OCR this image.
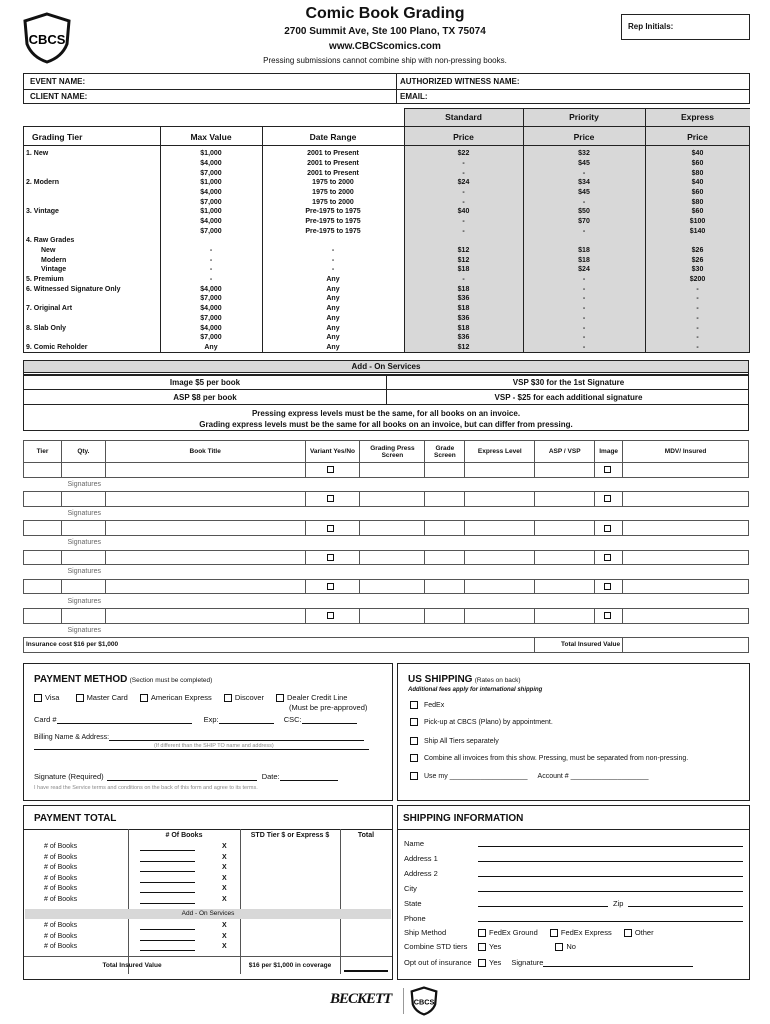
CBCS
Comic Book Grading
2700 Summit Ave, Ste 100 Plano, TX 75074
www.CBCScomics.com
Pressing submissions cannot combine ship with non-pressing books.
Rep Initials:
EVENT NAME:
CLIENT NAME:
AUTHORIZED WITNESS NAME:
EMAIL:
Standard	Priority	Express
Grading Tier	Max Value	Date Range	Price	Price	Price
1. New	$1,000	2001 to Present	$22	$32	$40
	$4,000	2001 to Present	-	$45	$60
	$7,000	2001 to Present	-	-	$80
2. Modern	$1,000	1975 to 2000	$24	$34	$40
	$4,000	1975 to 2000	-	$45	$60
	$7,000	1975 to 2000	-	-	$80
3. Vintage	$1,000	Pre-1975 to 1975	$40	$50	$60
	$4,000	Pre-1975 to 1975	-	$70	$100
	$7,000	Pre-1975 to 1975	-	-	$140
4. Raw Grades					
New	-	-	$12	$18	$26
Modern	-	-	$12	$18	$26
Vintage	-	-	$18	$24	$30
5. Premium	-	Any	-	-	$200
6. Witnessed Signature Only	$4,000	Any	$18	-	-
	$7,000	Any	$36	-	-
7. Original Art	$4,000	Any	$18	-	-
	$7,000	Any	$36	-	-
8. Slab Only	$4,000	Any	$18	-	-
	$7,000	Any	$36	-	-
9. Comic Reholder	Any	Any	$12	-	-
Add - On Services
Image $5 per book	VSP $30 for the 1st Signature
ASP $8 per book	VSP - $25 for each additional signature
Pressing express levels must be the same, for all books on an invoice.
Grading express levels must be the same for all books on an invoice, but can differ from pressing.
Tier	Qty.	Book Title	Variant Yes/No	Grading Press Screen	Grade Screen	Express Level	ASP / VSP	Image	MDV/ Insured

Signatures									

Signatures									

Signatures									

Signatures									

Signatures									

Signatures									
Insurance cost $16 per $1,000							Total Insured Value		
PAYMENT METHOD (Section must be completed)
Visa	Master Card	American Express	Discover	Dealer Credit Line
(Must be pre-approved)
Card #	Exp:	CSC:
Billing Name & Address:
(If different than the SHIP TO name and address)
Signature (Required)	Date:
I have read the Service terms and conditions on the back of this form and agree to its terms.
US SHIPPING (Rates on back)
Additional fees apply for international shipping
FedEx
Pick-up at CBCS (Plano) by appointment.
Ship All Tiers separately
Combine all invoices from this show. Pressing, must be separated from non-pressing.
Use my ____________________ Account # ____________________
PAYMENT TOTAL
# Of Books	STD Tier $ or Express $	Total
# of Books	X
# of Books	X
# of Books	X
# of Books	X
# of Books	X
# of Books	X
Add - On Services
# of Books	X
# of Books	X
# of Books	X
Total Insured Value	$16 per $1,000 in coverage
SHIPPING INFORMATION
Name
Address 1
Address 2
City
State	Zip
Phone
Ship Method	FedEx Ground	FedEx Express	Other
Combine STD tiers	Yes	No
Opt out of insurance	Yes Signature
BECKETT CBCS
